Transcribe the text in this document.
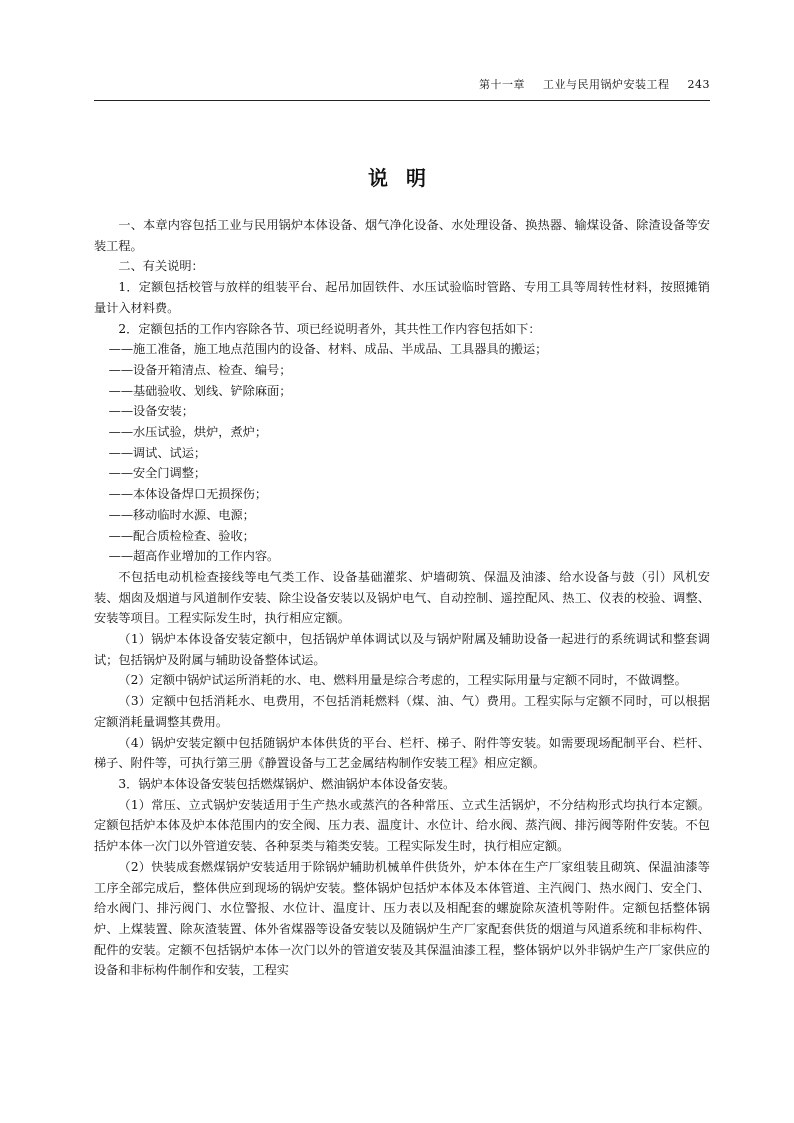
第十一章 工业与民用锅炉安装工程 243
说明

一、本章内容包括工业与民用锅炉本体设备、烟气净化设备、水处理设备、换热器、输煤设备、除渣设备等安装工程。

二、有关说明：

1．定额包括校管与放样的组装平台、起吊加固铁件、水压试验临时管路、专用工具等周转性材料，按照摊销量计入材料费。

2．定额包括的工作内容除各节、项已经说明者外，其共性工作内容包括如下：

——施工准备，施工地点范围内的设备、材料、成品、半成品、工具器具的搬运；

——设备开箱清点、检查、编号；

——基础验收、划线、铲除麻面；

——设备安装；

——水压试验，烘炉，煮炉；

——调试、试运；

——安全门调整；

——本体设备焊口无损探伤；

——移动临时水源、电源；

——配合质检检查、验收；

——超高作业增加的工作内容。

不包括电动机检查接线等电气类工作、设备基础灌浆、炉墙砌筑、保温及油漆、给水设备与鼓（引）风机安装、烟囱及烟道与风道制作安装、除尘设备安装以及锅炉电气、自动控制、遥控配风、热工、仪表的校验、调整、安装等项目。工程实际发生时，执行相应定额。

（1）锅炉本体设备安装定额中，包括锅炉单体调试以及与锅炉附属及辅助设备一起进行的系统调试和整套调试；包括锅炉及附属与辅助设备整体试运。

（2）定额中锅炉试运所消耗的水、电、燃料用量是综合考虑的，工程实际用量与定额不同时，不做调整。

（3）定额中包括消耗水、电费用，不包括消耗燃料（煤、油、气）费用。工程实际与定额不同时，可以根据定额消耗量调整其费用。

（4）锅炉安装定额中包括随锅炉本体供货的平台、栏杆、梯子、附件等安装。如需要现场配制平台、栏杆、梯子、附件等，可执行第三册《静置设备与工艺金属结构制作安装工程》相应定额。

3．锅炉本体设备安装包括燃煤锅炉、燃油锅炉本体设备安装。

（1）常压、立式锅炉安装适用于生产热水或蒸汽的各种常压、立式生活锅炉，不分结构形式均执行本定额。定额包括炉本体及炉本体范围内的安全阀、压力表、温度计、水位计、给水阀、蒸汽阀、排污阀等附件安装。不包括炉本体一次门以外管道安装、各种泵类与箱类安装。工程实际发生时，执行相应定额。

（2）快装成套燃煤锅炉安装适用于除锅炉辅助机械单件供货外，炉本体在生产厂家组装且砌筑、保温油漆等工序全部完成后，整体供应到现场的锅炉安装。整体锅炉包括炉本体及本体管道、主汽阀门、热水阀门、安全门、给水阀门、排污阀门、水位警报、水位计、温度计、压力表以及相配套的螺旋除灰渣机等附件。定额包括整体锅炉、上煤装置、除灰渣装置、体外省煤器等设备安装以及随锅炉生产厂家配套供货的烟道与风道系统和非标构件、配件的安装。定额不包括锅炉本体一次门以外的管道安装及其保温油漆工程，整体锅炉以外非锅炉生产厂家供应的设备和非标构件制作和安装，工程实
